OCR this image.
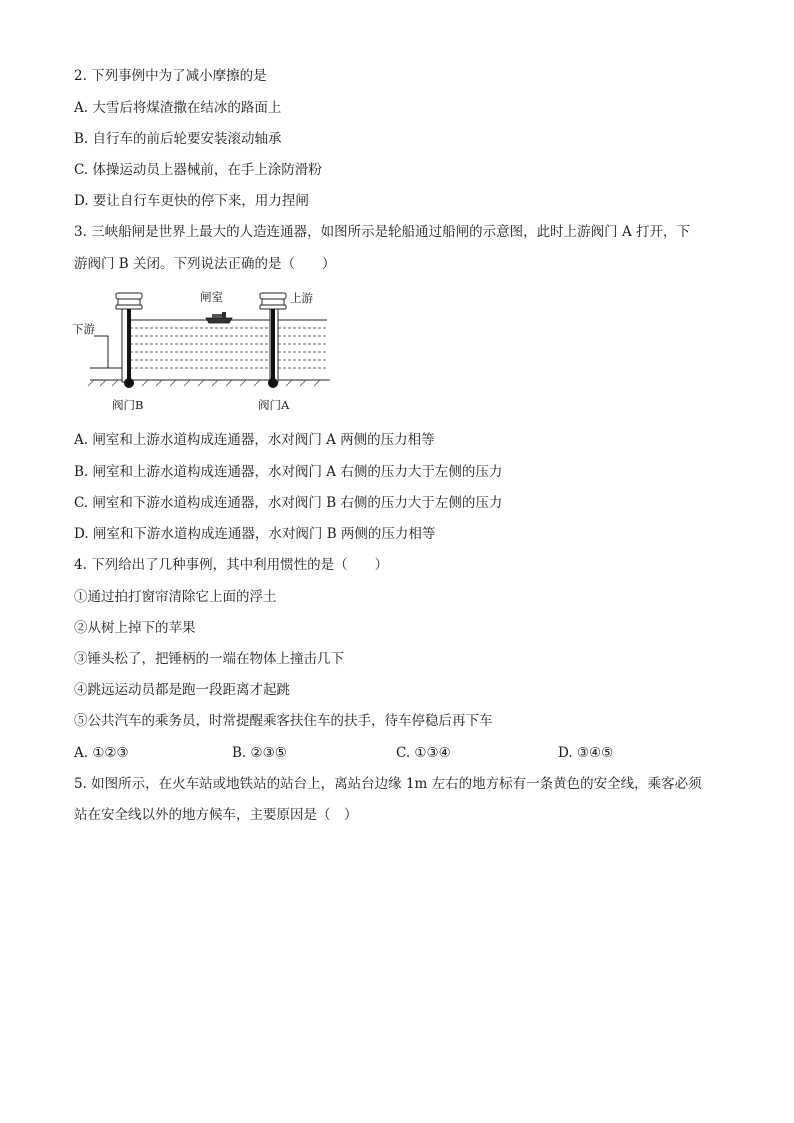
2. 下列事例中为了减小摩擦的是
A. 大雪后将煤渣撒在结冰的路面上
B. 自行车的前后轮要安装滚动轴承
C. 体操运动员上器械前，在手上涂防滑粉
D. 要让自行车更快的停下来，用力捏闸
3. 三峡船闸是世界上最大的人造连通器，如图所示是轮船通过船闸的示意图，此时上游阀门 A 打开，下
游阀门 B 关闭。下列说法正确的是（　　）
闸室	上游
下游
阀门B	阀门A
A. 闸室和上游水道构成连通器，水对阀门 A 两侧的压力相等
B. 闸室和上游水道构成连通器，水对阀门 A 右侧的压力大于左侧的压力
C. 闸室和下游水道构成连通器，水对阀门 B 右侧的压力大于左侧的压力
D. 闸室和下游水道构成连通器，水对阀门 B 两侧的压力相等
4. 下列给出了几种事例，其中利用惯性的是（　　）
①通过拍打窗帘清除它上面的浮土
②从树上掉下的苹果
③锤头松了，把锤柄的一端在物体上撞击几下
④跳远运动员都是跑一段距离才起跳
⑤公共汽车的乘务员，时常提醒乘客扶住车的扶手，待车停稳后再下车
A. ①②③	B. ②③⑤	C. ①③④	D. ③④⑤
5. 如图所示，在火车站或地铁站的站台上，离站台边缘 1m 左右的地方标有一条黄色的安全线，乘客必须
站在安全线以外的地方候车，主要原因是（　）
